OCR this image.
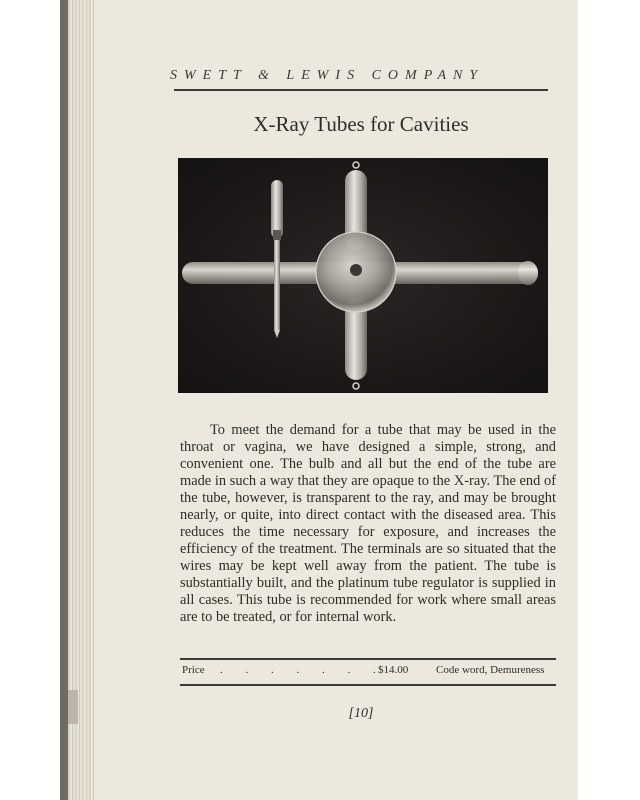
SWETT & LEWIS COMPANY
X-Ray Tubes for Cavities

To meet the demand for a tube that may be used in the throat or vagina, we have designed a simple, strong, and convenient one. The bulb and all but the end of the tube are made in such a way that they are opaque to the X-ray. The end of the tube, however, is transparent to the ray, and may be brought nearly, or quite, into direct contact with the diseased area. This reduces the time necessary for exposure, and increases the efficiency of the treatment. The terminals are so situated that the wires may be kept well away from the patient. The tube is substantially built, and the platinum tube regulator is supplied in all cases. This tube is recommended for work where small areas are to be treated, or for internal work.

Price . . . . . . .
$14.00	Code word, Demureness
[10]
